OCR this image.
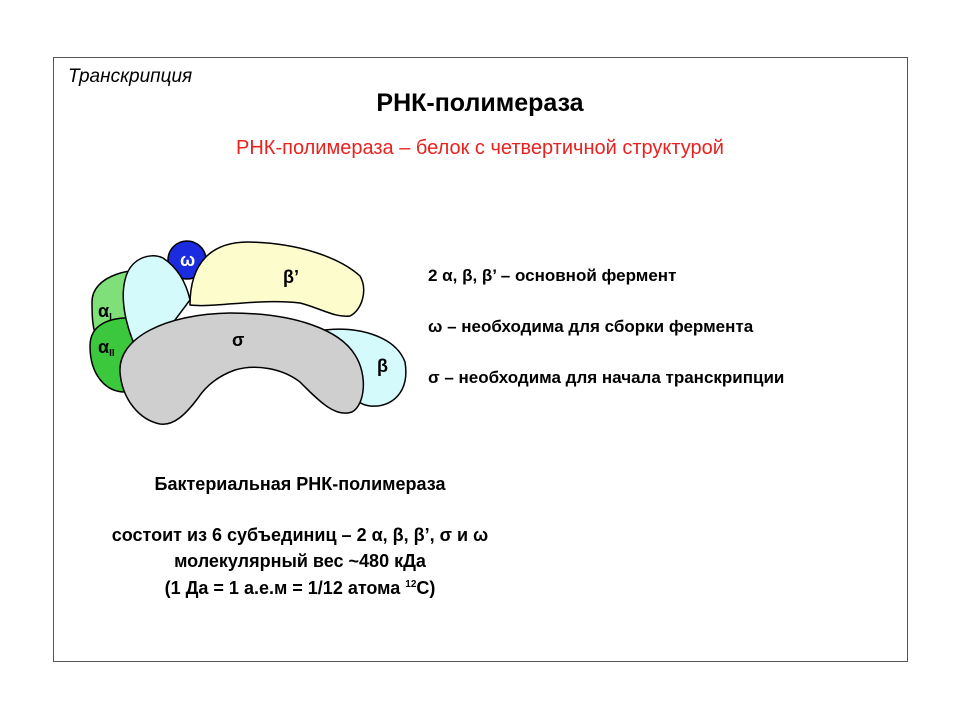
Транскрипция
РНК-полимераза
РНК-полимераза – белок с четвертичной структурой
ω
β’
αI
αII
σ
β
2 α, β, β’ – основной фермент
ω – необходима для сборки фермента
σ – необходима для начала транскрипции
Бактериальная РНК-полимераза
состоит из 6 субъединиц – 2 α, β, β’, σ и ω
молекулярный вес ~480 кДа
(1 Да = 1 а.е.м = 1/12 атома $^{12}$С)
